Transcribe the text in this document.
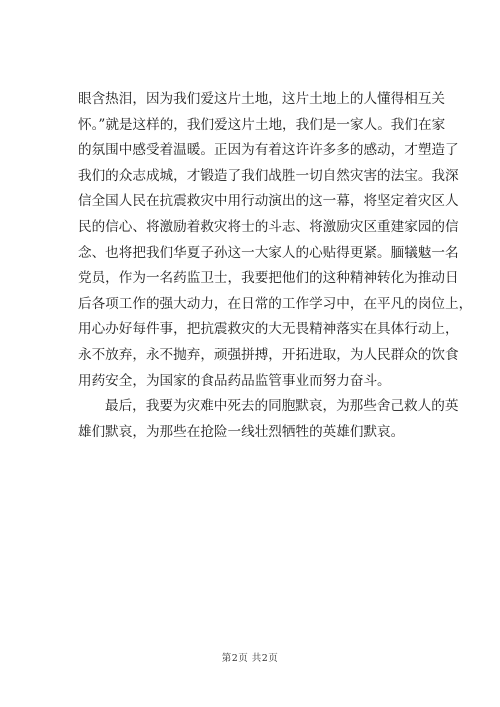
眼含热泪，因为我们爱这片土地，这片土地上的人懂得相互关
怀。”就是这样的，我们爱这片土地，我们是一家人。我们在家
的氛围中感受着温暖。正因为有着这许许多多的感动，才塑造了
我们的众志成城，才锻造了我们战胜一切自然灾害的法宝。我深
信全国人民在抗震救灾中用行动演出的这一幕，将坚定着灾区人
民的信心、将激励着救灾将士的斗志、将激励灾区重建家园的信
念、也将把我们华夏子孙这一大家人的心贴得更紧。腼犠鬾一名
党员，作为一名药监卫士，我要把他们的这种精神转化为推动日
后各项工作的强大动力，在日常的工作学习中，在平凡的岗位上，
用心办好每件事，把抗震救灾的大无畏精神落实在具体行动上，
永不放弃，永不抛弃，顽强拼搏，开拓进取，为人民群众的饮食
用药安全，为国家的食品药品监管事业而努力奋斗。
最后，我要为灾难中死去的同胞默哀，为那些舍己救人的英
雄们默哀，为那些在抢险一线壮烈牺牲的英雄们默哀。
第2页 共2页
